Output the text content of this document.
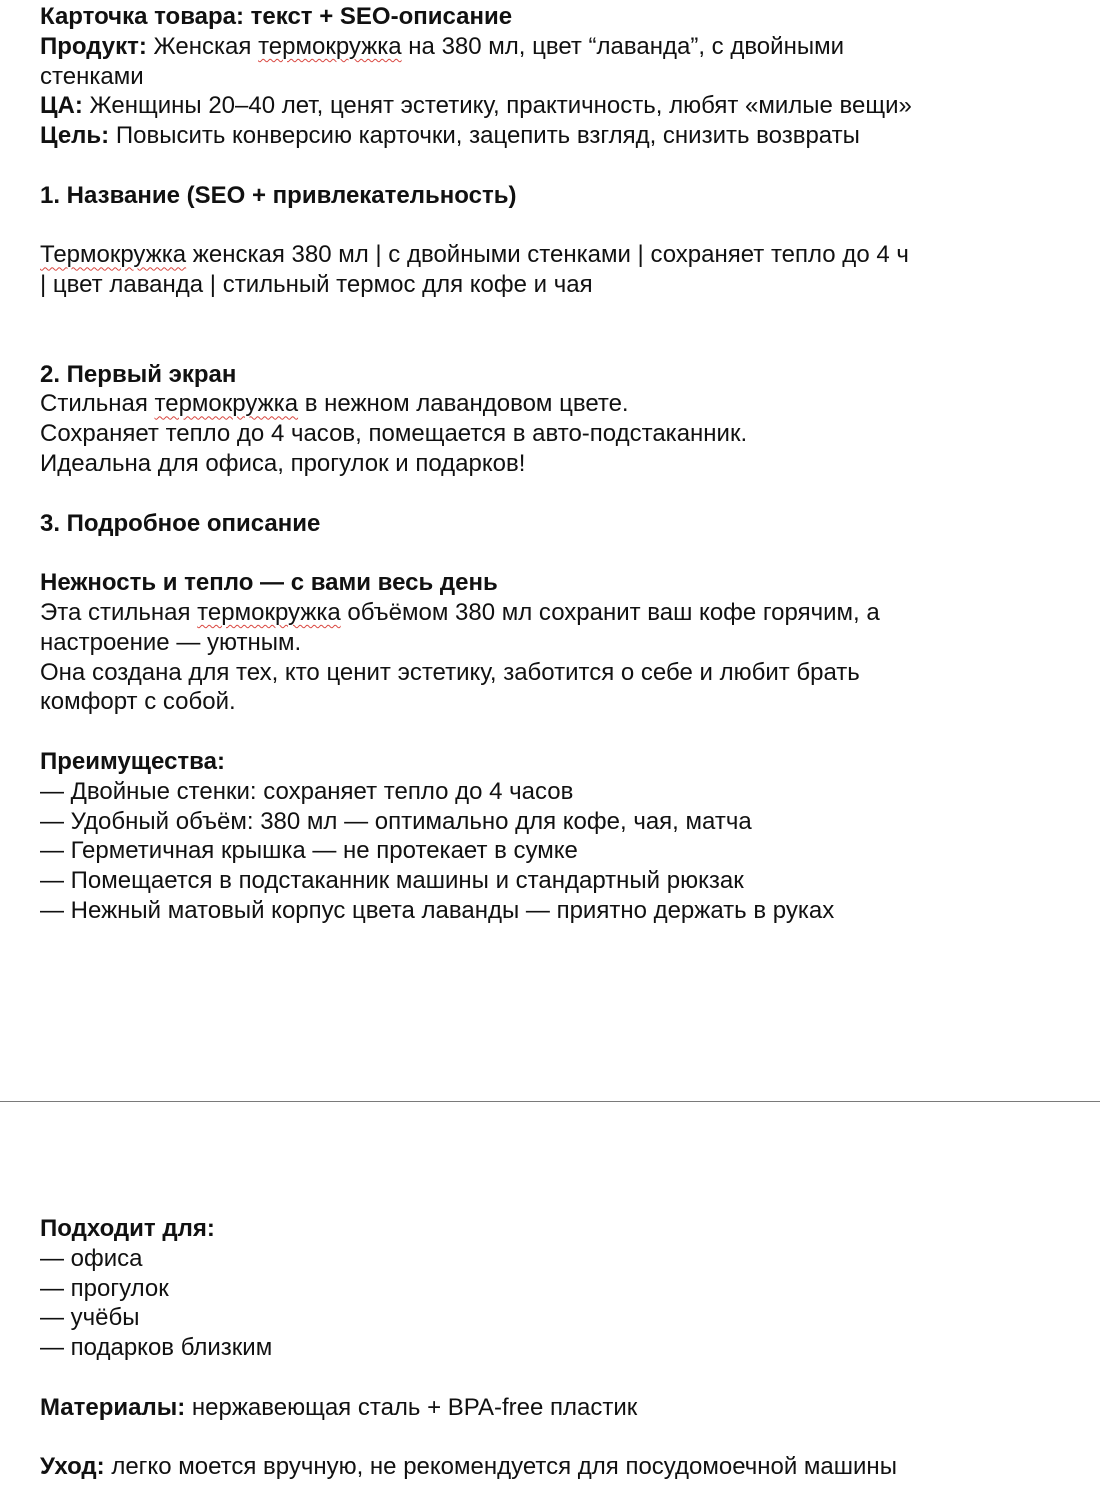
Карточка товара: текст + SEO-описание
Продукт: Женская термокружка на 380 мл, цвет “лаванда”, с двойными
стенками
ЦА: Женщины 20–40 лет, ценят эстетику, практичность, любят «милые вещи»
Цель: Повысить конверсию карточки, зацепить взгляд, снизить возвраты
1. Название (SEO + привлекательность)
Термокружка женская 380 мл | с двойными стенками | сохраняет тепло до 4 ч
| цвет лаванда | стильный термос для кофе и чая
2. Первый экран
Стильная термокружка в нежном лавандовом цвете.
Сохраняет тепло до 4 часов, помещается в авто-подстаканник.
Идеальна для офиса, прогулок и подарков!
3. Подробное описание
Нежность и тепло — с вами весь день
Эта стильная термокружка объёмом 380 мл сохранит ваш кофе горячим, а
настроение — уютным.
Она создана для тех, кто ценит эстетику, заботится о себе и любит брать
комфорт с собой.
Преимущества:
— Двойные стенки: сохраняет тепло до 4 часов
— Удобный объём: 380 мл — оптимально для кофе, чая, матча
— Герметичная крышка — не протекает в сумке
— Помещается в подстаканник машины и стандартный рюкзак
— Нежный матовый корпус цвета лаванды — приятно держать в руках
Подходит для:
— офиса
— прогулок
— учёбы
— подарков близким
Материалы: нержавеющая сталь + BPA-free пластик
Уход: легко моется вручную, не рекомендуется для посудомоечной машины
